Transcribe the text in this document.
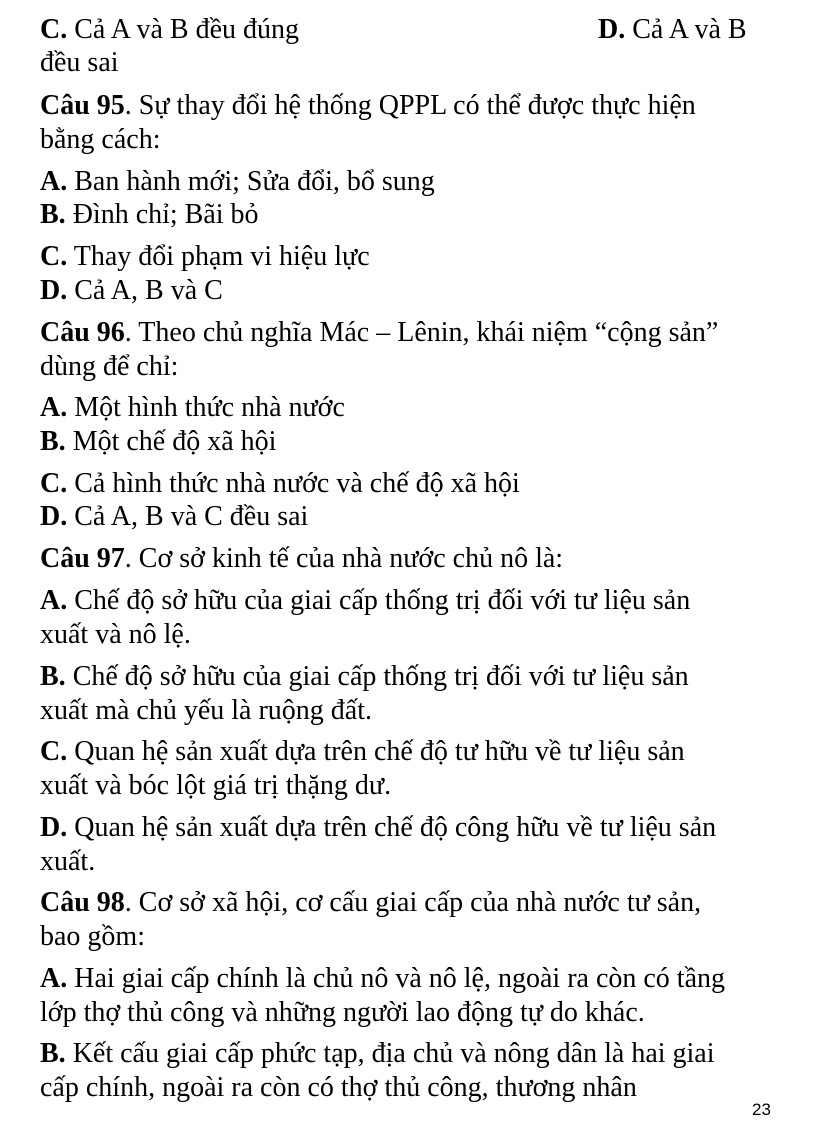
C. Cả A và B đều đúng	D. Cả A và B
đều sai
Câu 95. Sự thay đổi hệ thống QPPL có thể được thực hiện
bằng cách:
A. Ban hành mới; Sửa đổi, bổ sung
B. Đình chỉ; Bãi bỏ
C. Thay đổi phạm vi hiệu lực
D. Cả A, B và C
Câu 96. Theo chủ nghĩa Mác – Lênin, khái niệm “cộng sản”
dùng để chỉ:
A. Một hình thức nhà nước
B. Một chế độ xã hội
C. Cả hình thức nhà nước và chế độ xã hội
D. Cả A, B và C đều sai
Câu 97. Cơ sở kinh tế của nhà nước chủ nô là:
A. Chế độ sở hữu của giai cấp thống trị đối với tư liệu sản
xuất và nô lệ.
B. Chế độ sở hữu của giai cấp thống trị đối với tư liệu sản
xuất mà chủ yếu là ruộng đất.
C. Quan hệ sản xuất dựa trên chế độ tư hữu về tư liệu sản
xuất và bóc lột giá trị thặng dư.
D. Quan hệ sản xuất dựa trên chế độ công hữu về tư liệu sản
xuất.
Câu 98. Cơ sở xã hội, cơ cấu giai cấp của nhà nước tư sản,
bao gồm:
A. Hai giai cấp chính là chủ nô và nô lệ, ngoài ra còn có tầng
lớp thợ thủ công và những người lao động tự do khác.
B. Kết cấu giai cấp phức tạp, địa chủ và nông dân là hai giai
cấp chính, ngoài ra còn có thợ thủ công, thương nhân
23
